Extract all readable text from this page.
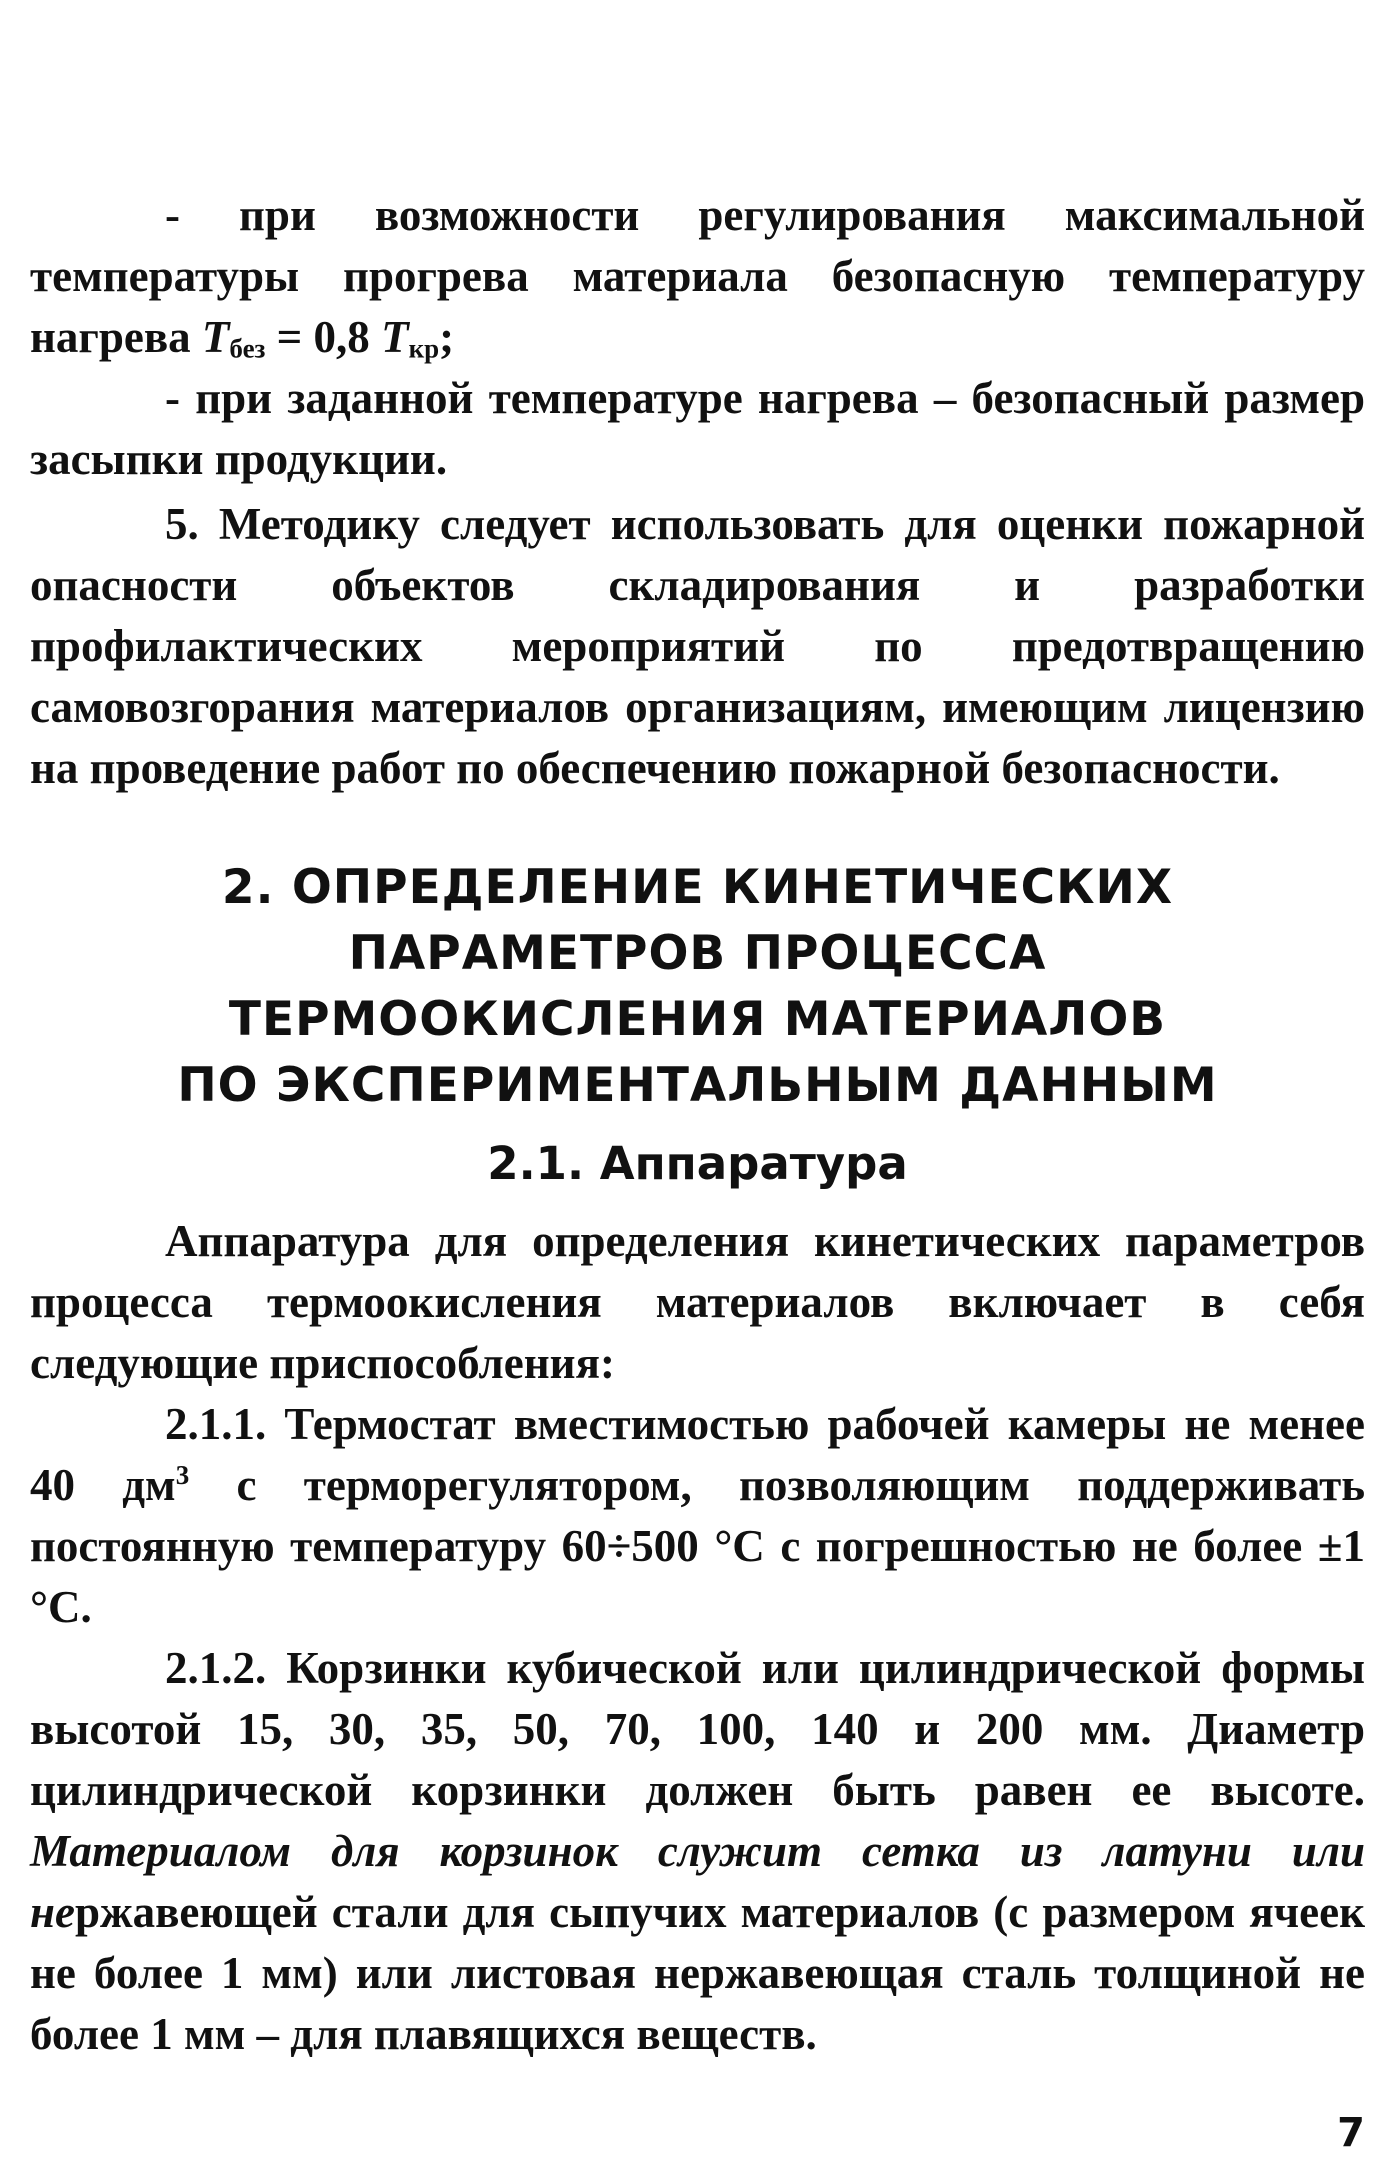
- при возможности регулирования максимальной температуры прогрева материала безопасную температуру нагрева $T_{без} = 0,8$ $T_{кр}$;

- при заданной температуре нагрева – безопасный размер засыпки продукции.

5. Методику следует использовать для оценки пожарной опасности объектов складирования и разработки профилактических мероприятий по предотвращению самовозгорания материалов организациям, имеющим лицензию на проведение работ по обеспечению пожарной безопасности.

2. ОПРЕДЕЛЕНИЕ КИНЕТИЧЕСКИХ
ПАРАМЕТРОВ ПРОЦЕССА
ТЕРМООКИСЛЕНИЯ МАТЕРИАЛОВ
ПО ЭКСПЕРИМЕНТАЛЬНЫМ ДАННЫМ
2.1. Аппаратура

Аппаратура для определения кинетических параметров процесса термоокисления материалов включает в себя следующие приспособления:

2.1.1. Термостат вместимостью рабочей камеры не менее 40 $дм^3$ с терморегулятором, позволяющим поддерживать постоянную температуру 60÷500 °С с погрешностью не более ±1 °С.

2.1.2. Корзинки кубической или цилиндрической формы высотой 15, 30, 35, 50, 70, 100, 140 и 200 мм. Диаметр цилиндрической корзинки должен быть равен ее высоте. Материалом для корзинок служит сетка из латуни или нержавеющей стали для сыпучих материалов (с размером ячеек не более 1 мм) или листовая нержавеющая сталь толщиной не более 1 мм – для плавящихся веществ.

7
